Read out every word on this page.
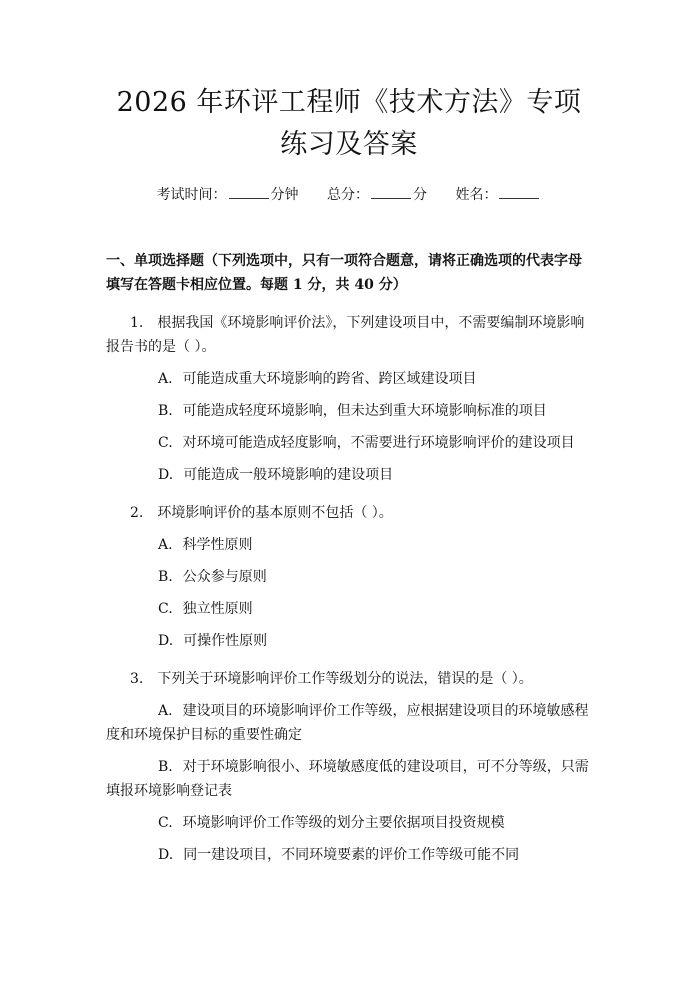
2026 年环评工程师《技术方法》专项练习及答案
考试时间：	分钟 总分：	分 姓名：
一、单项选择题（下列选项中，只有一项符合题意，请将正确选项的代表字母填写在答题卡相应位置。每题 1 分，共 40 分）
1. 根据我国《环境影响评价法》，下列建设项目中，不需要编制环境影响报告书的是（ ）。
A. 可能造成重大环境影响的跨省、跨区域建设项目
B. 可能造成轻度环境影响，但未达到重大环境影响标准的项目
C. 对环境可能造成轻度影响，不需要进行环境影响评价的建设项目
D. 可能造成一般环境影响的建设项目
2. 环境影响评价的基本原则不包括（ ）。
A. 科学性原则
B. 公众参与原则
C. 独立性原则
D. 可操作性原则
3. 下列关于环境影响评价工作等级划分的说法，错误的是（ ）。
A. 建设项目的环境影响评价工作等级，应根据建设项目的环境敏感程度和环境保护目标的重要性确定
B. 对于环境影响很小、环境敏感度低的建设项目，可不分等级，只需填报环境影响登记表
C. 环境影响评价工作等级的划分主要依据项目投资规模
D. 同一建设项目，不同环境要素的评价工作等级可能不同
